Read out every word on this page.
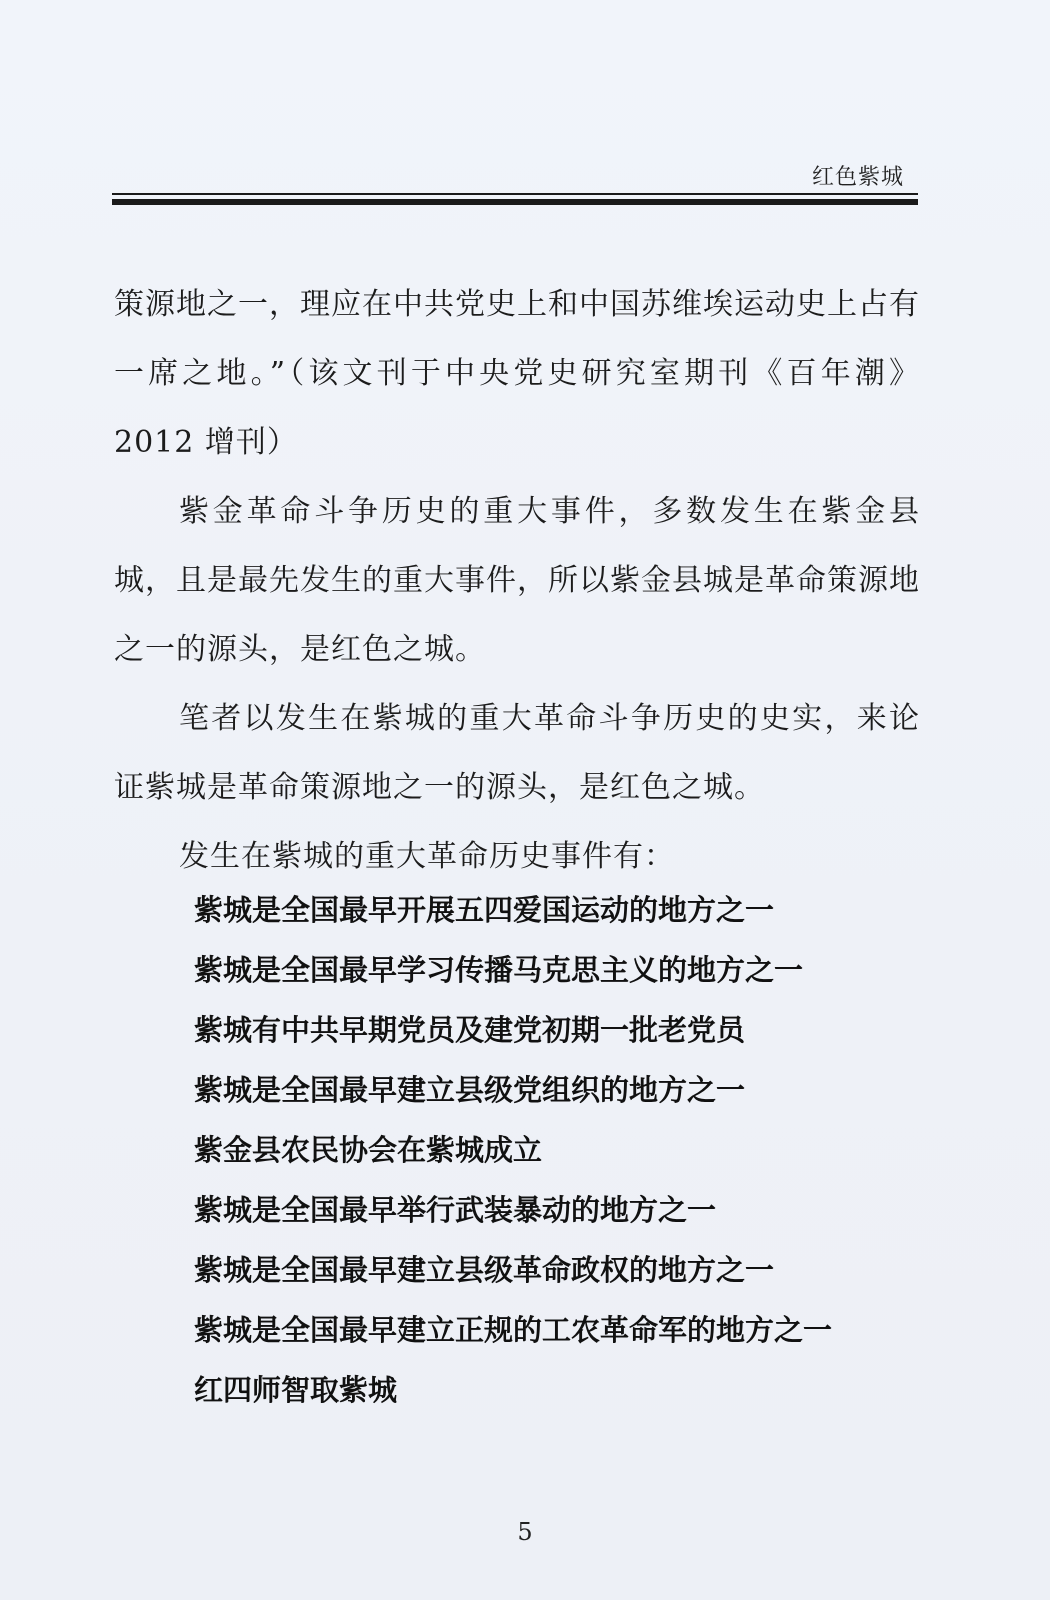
红色紫城

策源地之一，理应在中共党史上和中国苏维埃运动史上占有一席之地。”（该文刊于中央党史研究室期刊《百年潮》2012 增刊）

紫金革命斗争历史的重大事件，多数发生在紫金县城，且是最先发生的重大事件，所以紫金县城是革命策源地之一的源头，是红色之城。

笔者以发生在紫城的重大革命斗争历史的史实，来论证紫城是革命策源地之一的源头，是红色之城。

发生在紫城的重大革命历史事件有：

紫城是全国最早开展五四爱国运动的地方之一
紫城是全国最早学习传播马克思主义的地方之一
紫城有中共早期党员及建党初期一批老党员
紫城是全国最早建立县级党组织的地方之一
紫金县农民协会在紫城成立
紫城是全国最早举行武装暴动的地方之一
紫城是全国最早建立县级革命政权的地方之一
紫城是全国最早建立正规的工农革命军的地方之一
红四师智取紫城
5
